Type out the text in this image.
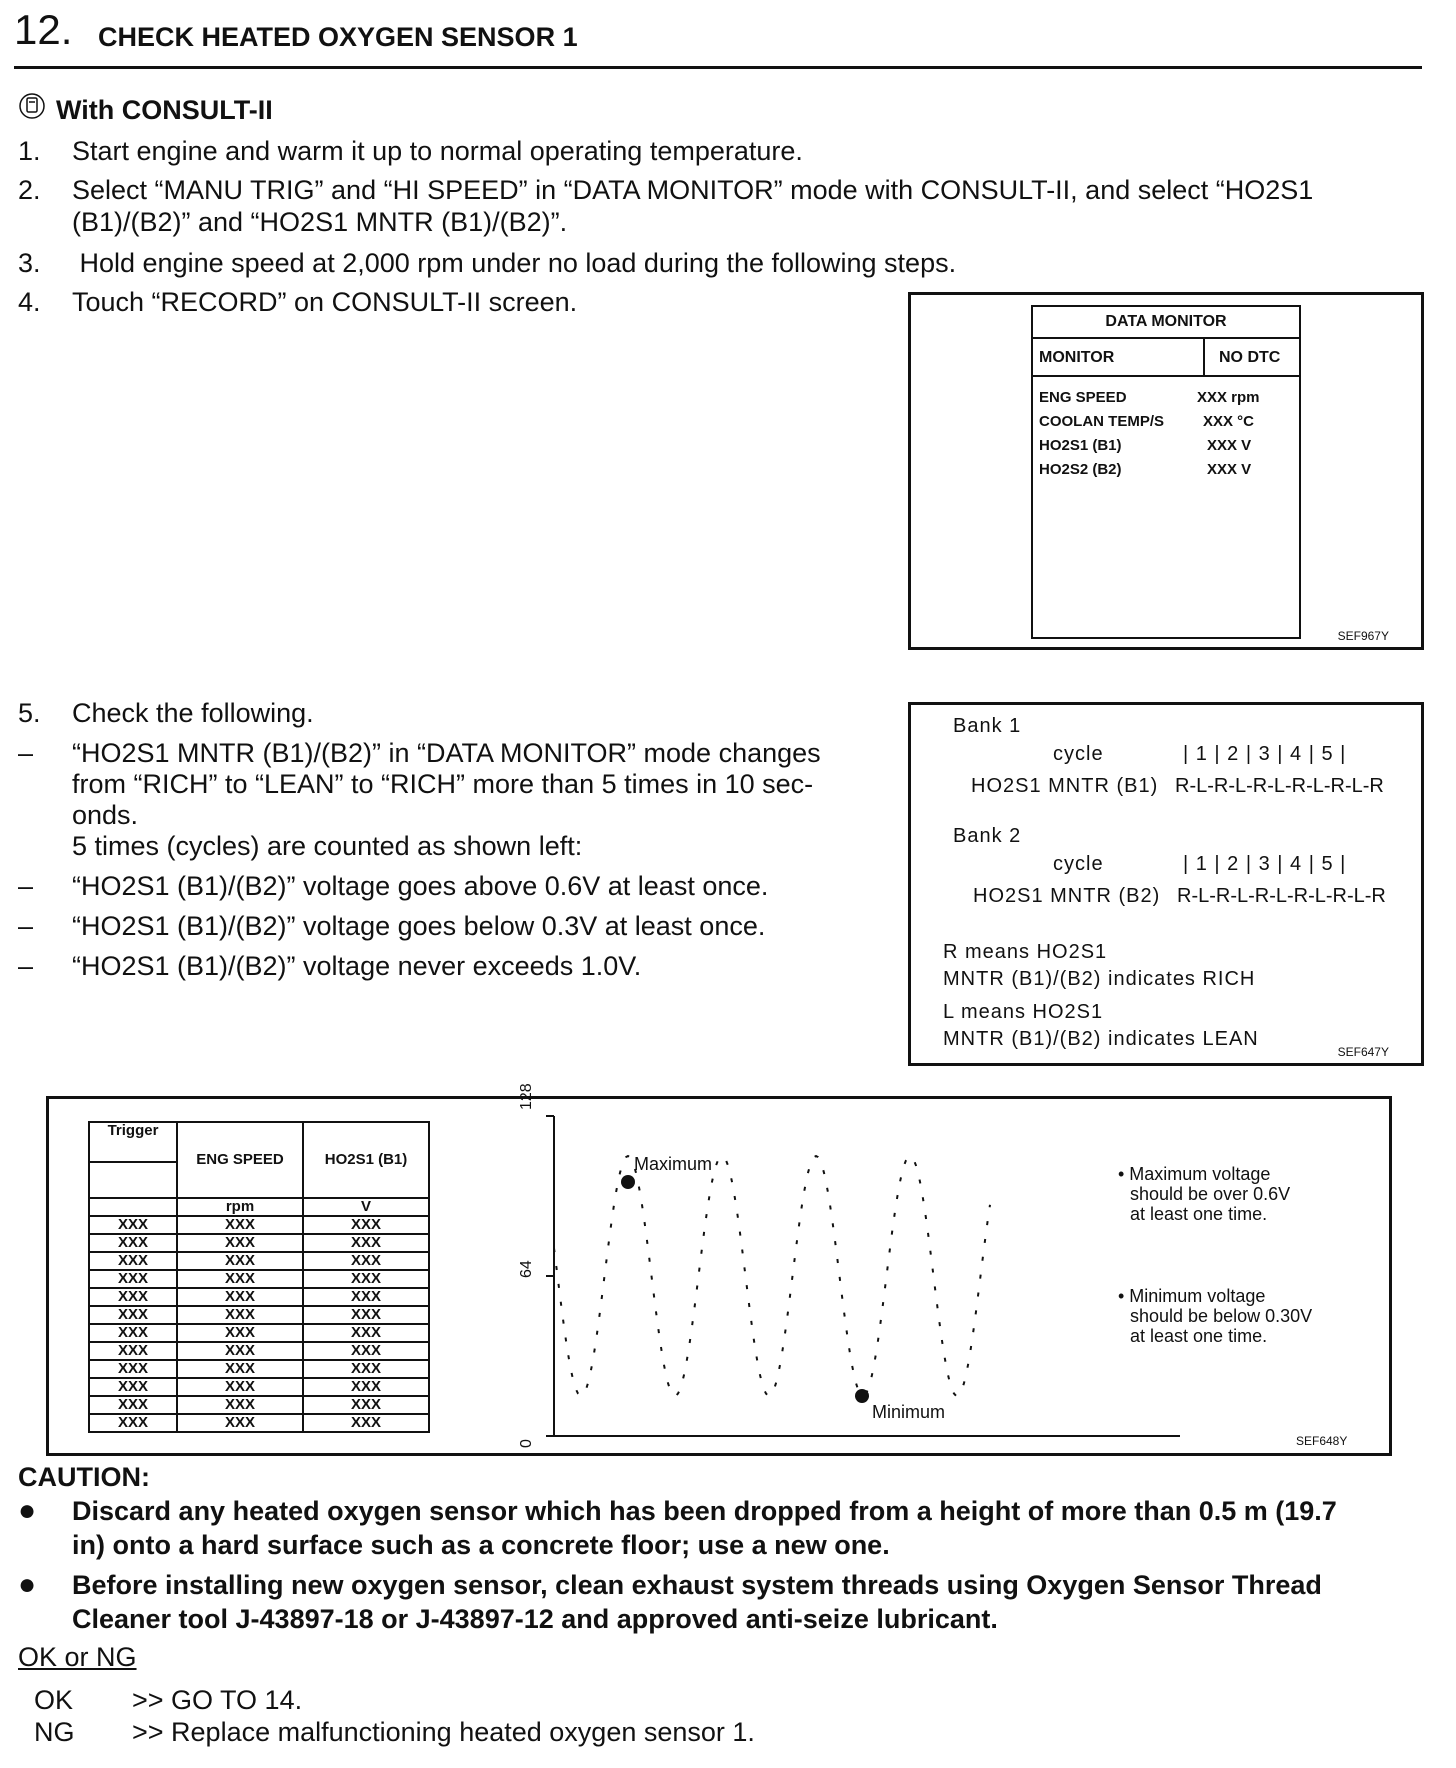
12. CHECK HEATED OXYGEN SENSOR 1
With CONSULT-II
1. Start engine and warm it up to normal operating temperature.
2. Select “MANU TRIG” and “HI SPEED” in “DATA MONITOR” mode with CONSULT-II, and select “HO2S1
(B1)/(B2)” and “HO2S1 MNTR (B1)/(B2)”.
3. Hold engine speed at 2,000 rpm under no load during the following steps.
4. Touch “RECORD” on CONSULT-II screen.
DATA MONITOR
MONITOR	NO DTC
ENG SPEED	XXX rpm
COOLAN TEMP/S	XXX °C
HO2S1 (B1)	XXX V
HO2S2 (B2)	XXX V
SEF967Y
5. Check the following.
– “HO2S1 MNTR (B1)/(B2)” in “DATA MONITOR” mode changes
from “RICH” to “LEAN” to “RICH” more than 5 times in 10 sec-
onds.
5 times (cycles) are counted as shown left:
– “HO2S1 (B1)/(B2)” voltage goes above 0.6V at least once.
– “HO2S1 (B1)/(B2)” voltage goes below 0.3V at least once.
– “HO2S1 (B1)/(B2)” voltage never exceeds 1.0V.
Bank 1
cycle	| 1 | 2 | 3 | 4 | 5 |
HO2S1 MNTR (B1) R-L-R-L-R-L-R-L-R-L-R
Bank 2
cycle	| 1 | 2 | 3 | 4 | 5 |
HO2S1 MNTR (B2) R-L-R-L-R-L-R-L-R-L-R
R means HO2S1
MNTR (B1)/(B2) indicates RICH
L means HO2S1
MNTR (B1)/(B2) indicates LEAN
SEF647Y
Trigger	ENG SPEED	HO2S1 (B1)

	rpm	V
XXX	XXX	XXX
XXX	XXX	XXX
XXX	XXX	XXX
XXX	XXX	XXX
XXX	XXX	XXX
XXX	XXX	XXX
XXX	XXX	XXX
XXX	XXX	XXX
XXX	XXX	XXX
XXX	XXX	XXX
XXX	XXX	XXX
XXX	XXX	XXX
128
64
0
Maximum
Minimum
• Maximum voltage
should be over 0.6V
at least one time.
• Minimum voltage
should be below 0.30V
at least one time.
SEF648Y
CAUTION:
● Discard any heated oxygen sensor which has been dropped from a height of more than 0.5 m (19.7
in) onto a hard surface such as a concrete floor; use a new one.
● Before installing new oxygen sensor, clean exhaust system threads using Oxygen Sensor Thread
Cleaner tool J-43897-18 or J-43897-12 and approved anti-seize lubricant.
OK or NG
OK >> GO TO 14.
NG >> Replace malfunctioning heated oxygen sensor 1.
